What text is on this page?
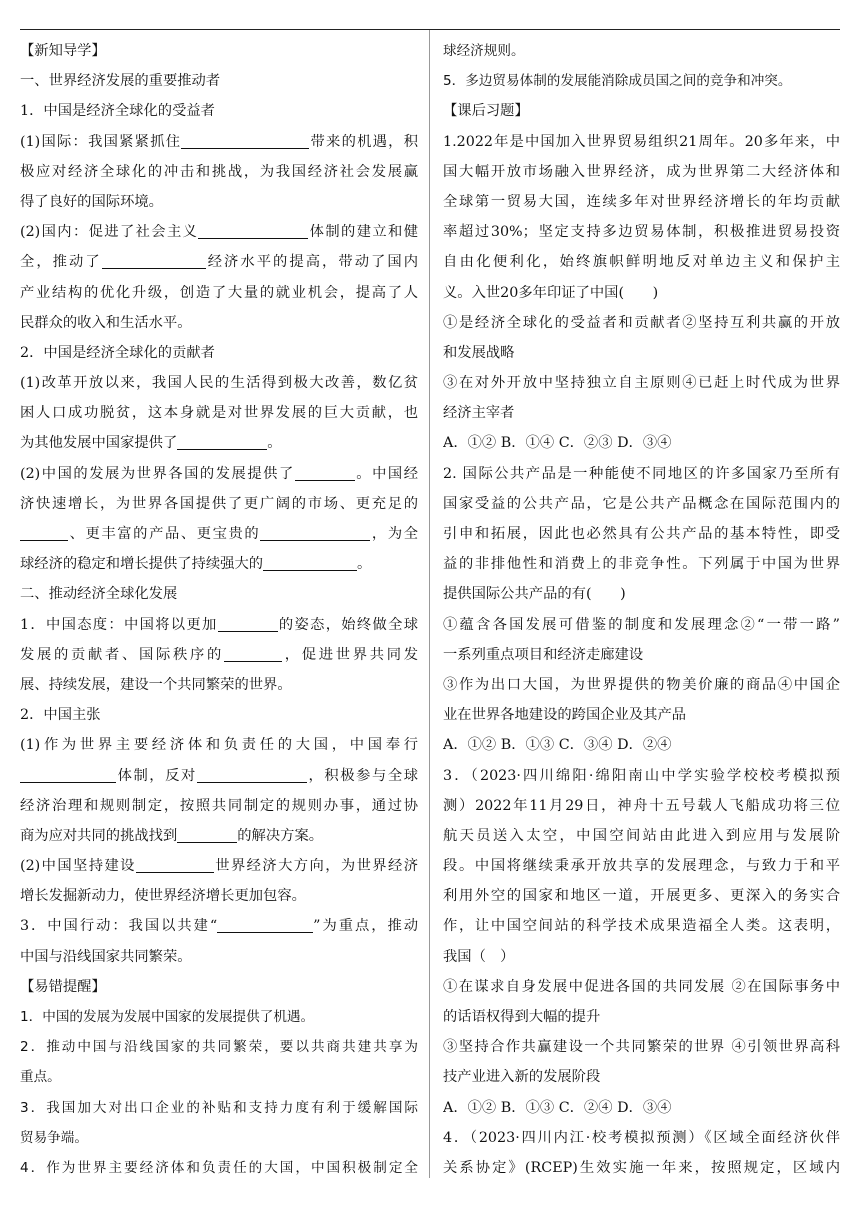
【新知导学】
一、世界经济发展的重要推动者
1．中国是经济全球化的受益者
(1)国际：我国紧紧抓住	带来的机遇，积
极应对经济全球化的冲击和挑战，为我国经济社会发展赢
得了良好的国际环境。
(2)国内：促进了社会主义	体制的建立和健
全，推动了	经济水平的提高，带动了国内
产业结构的优化升级，创造了大量的就业机会，提高了人
民群众的收入和生活水平。
2．中国是经济全球化的贡献者
(1)改革开放以来，我国人民的生活得到极大改善，数亿贫
困人口成功脱贫，这本身就是对世界发展的巨大贡献，也
为其他发展中国家提供了	。
(2)中国的发展为世界各国的发展提供了	。中国经
济快速增长，为世界各国提供了更广阔的市场、更充足的
、更丰富的产品、更宝贵的	，为全
球经济的稳定和增长提供了持续强大的	。
二、推动经济全球化发展
1．中国态度：中国将以更加	的姿态，始终做全球
发展的贡献者、国际秩序的	，促进世界共同发
展、持续发展，建设一个共同繁荣的世界。
2．中国主张
(1)作为世界主要经济体和负责任的大国，中国奉行
体制，反对	，积极参与全球
经济治理和规则制定，按照共同制定的规则办事，通过协
商为应对共同的挑战找到	的解决方案。
(2)中国坚持建设	世界经济大方向，为世界经济
增长发掘新动力，使世界经济增长更加包容。
3．中国行动：我国以共建“	”为重点，推动
中国与沿线国家共同繁荣。
【易错提醒】
1．中国的发展为发展中国家的发展提供了机遇。
2．推动中国与沿线国家的共同繁荣，要以共商共建共享为
重点。
3．我国加大对出口企业的补贴和支持力度有利于缓解国际
贸易争端。
4．作为世界主要经济体和负责任的大国，中国积极制定全
球经济规则。
5．多边贸易体制的发展能消除成员国之间的竞争和冲突。
【课后习题】
1.2022年是中国加入世界贸易组织21周年。20多年来，中
国大幅开放市场融入世界经济，成为世界第二大经济体和
全球第一贸易大国，连续多年对世界经济增长的年均贡献
率超过30%；坚定支持多边贸易体制，积极推进贸易投资
自由化便利化，始终旗帜鲜明地反对单边主义和保护主
义。入世20多年印证了中国(　　)
①是经济全球化的受益者和贡献者②坚持互利共赢的开放
和发展战略
③在对外开放中坚持独立自主原则④已赶上时代成为世界
经济主宰者
A．①② B．①④ C．②③ D．③④
2. 国际公共产品是一种能使不同地区的许多国家乃至所有
国家受益的公共产品，它是公共产品概念在国际范围内的
引申和拓展，因此也必然具有公共产品的基本特性，即受
益的非排他性和消费上的非竞争性。下列属于中国为世界
提供国际公共产品的有(　　)
①蕴含各国发展可借鉴的制度和发展理念②“一带一路”
一系列重点项目和经济走廊建设
③作为出口大国，为世界提供的物美价廉的商品④中国企
业在世界各地建设的跨国企业及其产品
A．①② B．①③ C．③④ D．②④
3．（2023·四川绵阳·绵阳南山中学实验学校校考模拟预
测）2022年11月29日，神舟十五号载人飞船成功将三位
航天员送入太空，中国空间站由此进入到应用与发展阶
段。中国将继续秉承开放共享的发展理念，与致力于和平
利用外空的国家和地区一道，开展更多、更深入的务实合
作，让中国空间站的科学技术成果造福全人类。这表明，
我国（　）
①在谋求自身发展中促进各国的共同发展 ②在国际事务中
的话语权得到大幅的提升
③坚持合作共赢建设一个共同繁荣的世界 ④引领世界高科
技产业进入新的发展阶段
A．①② B．①③ C．②④ D．③④
4．（2023·四川内江·校考模拟预测）《区域全面经济伙伴
关系协定》(RCEP)生效实施一年来，按照规定，区域内
